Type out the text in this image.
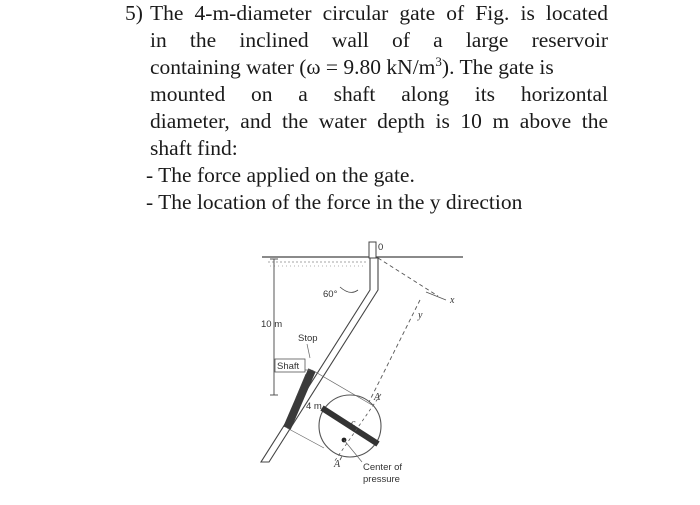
5) The 4-m-diameter circular gate of Fig. is located
in the inclined wall of a large reservoir
containing water (ω = 9.80 $kN/m^3$). The gate is
mounted on a shaft along its horizontal
diameter, and the water depth is 10 m above the
shaft find:
- The force applied on the gate.
- The location of the force in the y direction
0
60°
10 m
Stop
Shaft
4 m
x
y
A
A
c
Center of
pressure
